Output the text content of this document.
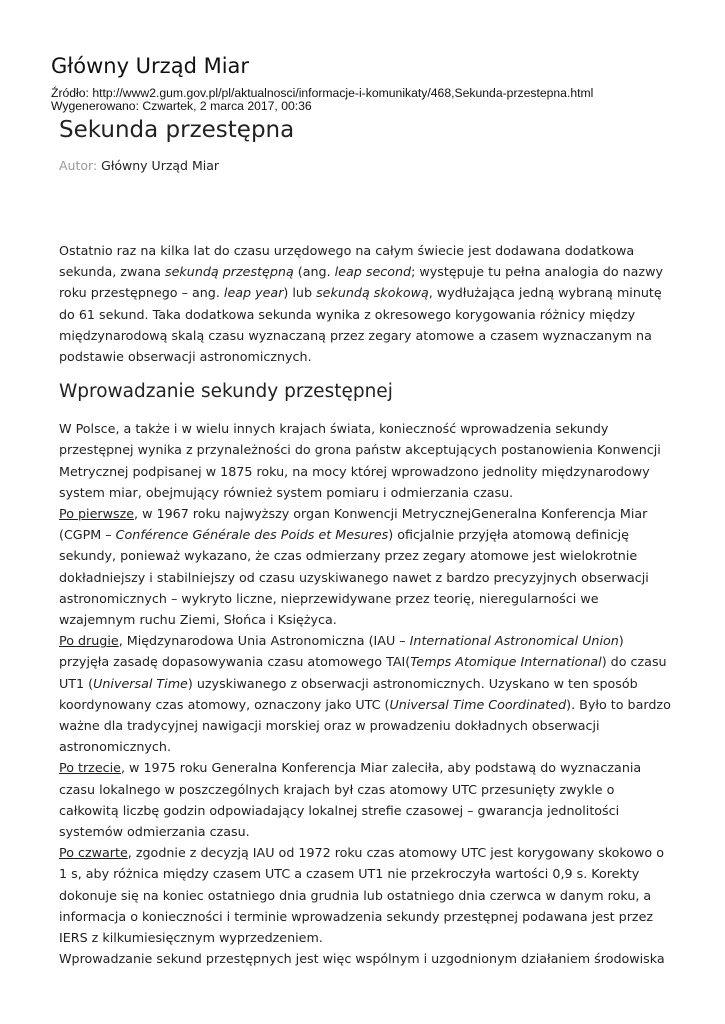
Główny Urząd Miar
Źródło: http://www2.gum.gov.pl/pl/aktualnosci/informacje-i-komunikaty/468,Sekunda-przestepna.html
Wygenerowano: Czwartek, 2 marca 2017, 00:36
Sekunda przestępna
Autor: Główny Urząd Miar

Ostatnio raz na kilka lat do czasu urzędowego na całym świecie jest dodawana dodatkowa sekunda, zwana sekundą przestępną (ang. leap second; występuje tu pełna analogia do nazwy roku przestępnego – ang. leap year) lub sekundą skokową, wydłużająca jedną wybraną minutę do 61 sekund. Taka dodatkowa sekunda wynika z okresowego korygowania różnicy między międzynarodową skalą czasu wyznaczaną przez zegary atomowe a czasem wyznaczanym na podstawie obserwacji astronomicznych.

Wprowadzanie sekundy przestępnej

W Polsce, a także i w wielu innych krajach świata, konieczność wprowadzenia sekundy przestępnej wynika z przynależności do grona państw akceptujących postanowienia Konwencji Metrycznej podpisanej w 1875 roku, na mocy której wprowadzono jednolity międzynarodowy system miar, obejmujący również system pomiaru i odmierzania czasu.

Po pierwsze, w 1967 roku najwyższy organ Konwencji MetrycznejGeneralna Konferencja Miar (CGPM – Conférence Générale des Poids et Mesures) oficjalnie przyjęła atomową definicję sekundy, ponieważ wykazano, że czas odmierzany przez zegary atomowe jest wielokrotnie dokładniejszy i stabilniejszy od czasu uzyskiwanego nawet z bardzo precyzyjnych obserwacji astronomicznych – wykryto liczne, nieprzewidywane przez teorię, nieregularności we wzajemnym ruchu Ziemi, Słońca i Księżyca.

Po drugie, Międzynarodowa Unia Astronomiczna (IAU – International Astronomical Union) przyjęła zasadę dopasowywania czasu atomowego TAI(Temps Atomique International) do czasu UT1 (Universal Time) uzyskiwanego z obserwacji astronomicznych. Uzyskano w ten sposób koordynowany czas atomowy, oznaczony jako UTC (Universal Time Coordinated). Było to bardzo ważne dla tradycyjnej nawigacji morskiej oraz w prowadzeniu dokładnych obserwacji astronomicznych.

Po trzecie, w 1975 roku Generalna Konferencja Miar zaleciła, aby podstawą do wyznaczania czasu lokalnego w poszczególnych krajach był czas atomowy UTC przesunięty zwykle o całkowitą liczbę godzin odpowiadający lokalnej strefie czasowej – gwarancja jednolitości systemów odmierzania czasu.

Po czwarte, zgodnie z decyzją IAU od 1972 roku czas atomowy UTC jest korygowany skokowo o 1 s, aby różnica między czasem UTC a czasem UT1 nie przekroczyła wartości 0,9 s. Korekty dokonuje się na koniec ostatniego dnia grudnia lub ostatniego dnia czerwca w danym roku, a informacja o konieczności i terminie wprowadzenia sekundy przestępnej podawana jest przez IERS z kilkumiesięcznym wyprzedzeniem.

Wprowadzanie sekund przestępnych jest więc wspólnym i uzgodnionym działaniem środowiska
